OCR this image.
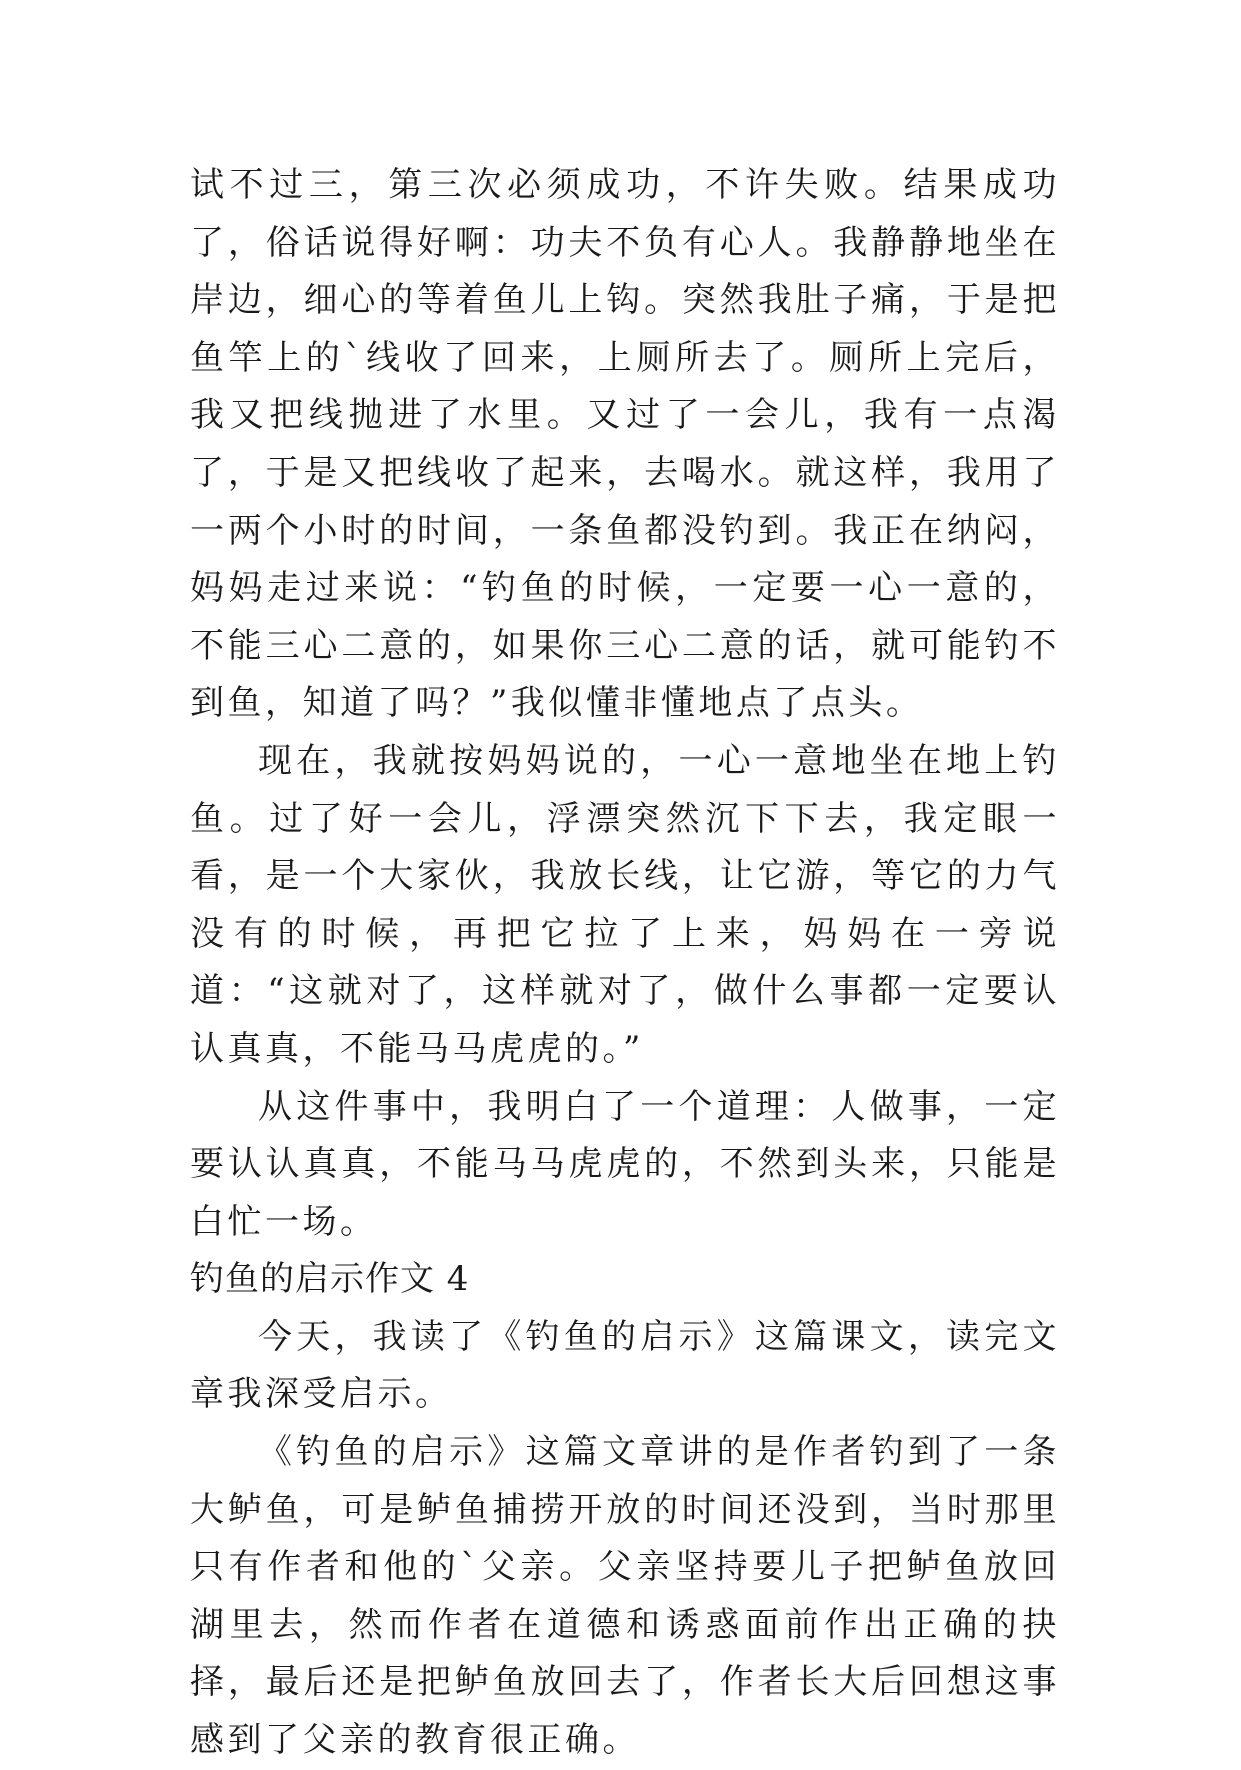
试不过三，第三次必须成功，不许失败。结果成功了，俗话说得好啊：功夫不负有心人。我静静地坐在岸边，细心的等着鱼儿上钩。突然我肚子痛，于是把鱼竿上的`线收了回来，上厕所去了。厕所上完后，我又把线抛进了水里。又过了一会儿，我有一点渴了，于是又把线收了起来，去喝水。就这样，我用了一两个小时的时间，一条鱼都没钓到。我正在纳闷，妈妈走过来说：“钓鱼的时候，一定要一心一意的，不能三心二意的，如果你三心二意的话，就可能钓不到鱼，知道了吗？”我似懂非懂地点了点头。

现在，我就按妈妈说的，一心一意地坐在地上钓鱼。过了好一会儿，浮漂突然沉下下去，我定眼一看，是一个大家伙，我放长线，让它游，等它的力气没有的时候，再把它拉了上来，妈妈在一旁说道：“这就对了，这样就对了，做什么事都一定要认认真真，不能马马虎虎的。”

从这件事中，我明白了一个道理：人做事，一定要认认真真，不能马马虎虎的，不然到头来，只能是白忙一场。

钓鱼的启示作文 4

今天，我读了《钓鱼的启示》这篇课文，读完文章我深受启示。

《钓鱼的启示》这篇文章讲的是作者钓到了一条大鲈鱼，可是鲈鱼捕捞开放的时间还没到，当时那里只有作者和他的`父亲。父亲坚持要儿子把鲈鱼放回湖里去，然而作者在道德和诱惑面前作出正确的抉择，最后还是把鲈鱼放回去了，作者长大后回想这事感到了父亲的教育很正确。
